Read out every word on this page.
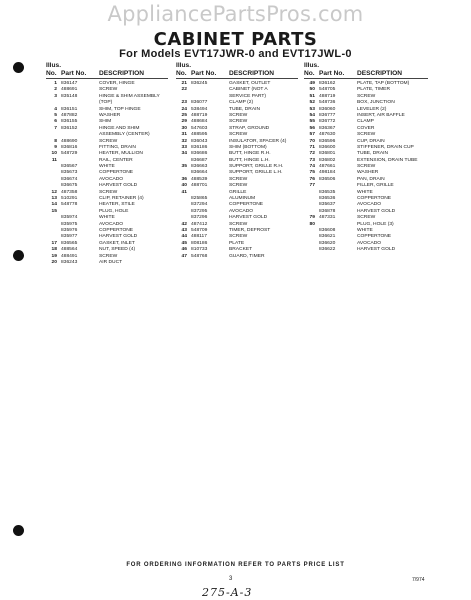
AppliancePartsPros.com
CABINET PARTS
For Models EVT17JWR-0 and EVT17JWL-0
Illus.
No. Part No. DESCRIPTION
1 836147	COVER, HINGE
2 488691	SCREW
3 835148	HINGE & SHIM ASSEMBLY
(TOP)
4 836151	SHIM, TOP HINGE
5 487882	WASHER
6 836155	SHIM
7 836152	HINGE AND SHIM
ASSEMBLY (CENTER)
8 488690	SCREW
9 836816	FITTING, DRAIN
10 548729	HEATER, MULLION
11	RAIL, CENTER
836567	WHITE
835673	COPPERTONE
836674	AVOCADO
836675	HARVEST GOLD
12 487358	SCREW
13 510291	CLIP, RETAINER (4)
14 548778	HEATER, STILE
15	PLUG, HOLE
835974	WHITE
835975	AVOCADO
835976	COPPERTONE
835977	HARVEST GOLD
17 836565	GASKET, INLET
18 488564	NUT, SPEED (4)
19 488491	SCREW
20 836243	AIR DUCT
Illus.
No. Part No. DESCRIPTION
21 836245	GASKET, OUTLET
22	CABINET (NOT A
SERVICE PART)
23 836077	CLAMP (2)
24 538494	TUBE, DRAIN
25 488719	SCREW
29 488684	SCREW
30 547603	STRAP, GROUND
31 488595	SCREW
32 836043	INSULATOR, SPACER (4)
33 836186	SHIM (BOTTOM)
34 836686	BUTT, HINGE R.H.
836687	BUTT, HINGE L.H.
35 836663	SUPPORT, GRILLE R.H.
836664	SUPPORT, GRILLE L.H.
36 488539	SCREW
40 488701	SCREW
41	GRILLE
825865	ALUMINUM
837294	COPPERTONE
837295	AVOCADO
837296	HARVEST GOLD
42 487412	SCREW
43 548709	TIMER, DEFROST
44 488117	SCREW
45 808186	PLATE
46 810733	BRACKET
47 548768	GUARD, TIMER
Illus.
No. Part No. DESCRIPTION
49 836162	PLATE, TAP (BOTTOM)
50 548705	PLATE, TIMER
51 488719	SCREW
52 548736	BOX, JUNCTION
53 836060	LEVELER (2)
54 836777	INSERT, AIR BAFFLE
55 836772	CLAMP
56 836367	COVER
57 487630	SCREW
70 836596	CUP, DRAIN
71 836600	STIFFENER, DRAIN CUP
72 836801	TUBE, DRAIN
73 836802	EXTENSION, DRAIN TUBE
74 487661	SCREW
75 498184	WASHER
76 836506	PAN, DRAIN
77	FILLER, GRILLE
836535	WHITE
836536	COPPERTONE
835637	AVOCADO
836878	HARVEST GOLD
79 487331	SCREW
80	PLUG, HOLE (3)
836608	WHITE
836621	COPPERTONE
836620	AVOCADO
836622	HARVEST GOLD
FOR ORDERING INFORMATION REFER TO PARTS PRICE LIST
3	7/974
275-A-3
